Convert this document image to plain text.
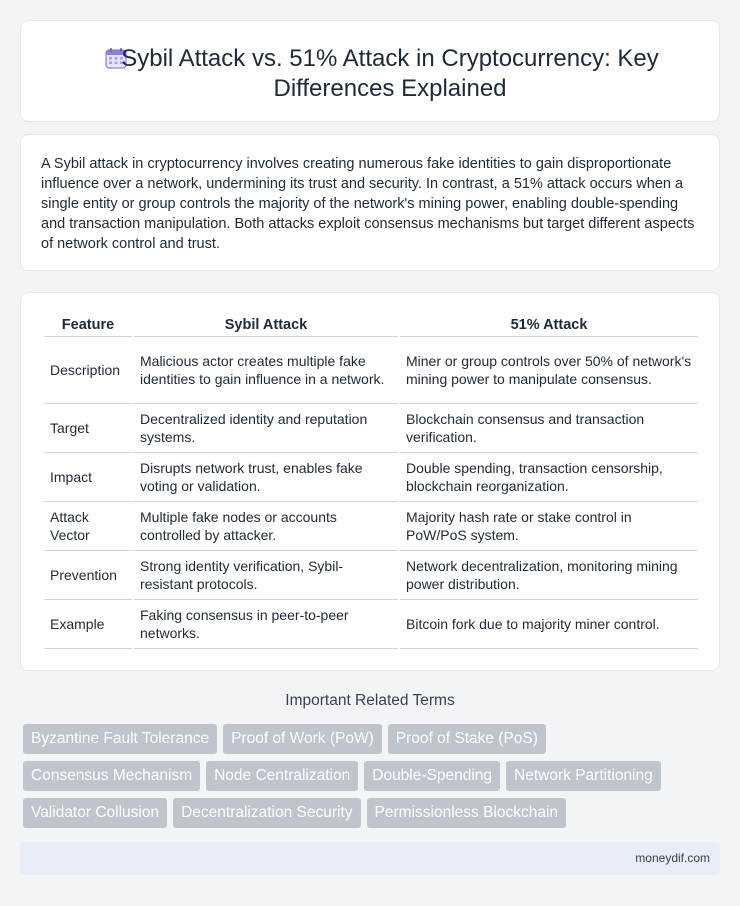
Sybil Attack vs. 51% Attack in Cryptocurrency: Key Differences Explained

A Sybil attack in cryptocurrency involves creating numerous fake identities to gain disproportionate influence over a network, undermining its trust and security. In contrast, a 51% attack occurs when a single entity or group controls the majority of the network's mining power, enabling double-spending and transaction manipulation. Both attacks exploit consensus mechanisms but target different aspects of network control and trust.

Feature	Sybil Attack	51% Attack
Description	Malicious actor creates multiple fake identities to gain influence in a network.	Miner or group controls over 50% of network's mining power to manipulate consensus.
Target	Decentralized identity and reputation systems.	Blockchain consensus and transaction verification.
Impact	Disrupts network trust, enables fake voting or validation.	Double spending, transaction censorship, blockchain reorganization.
Attack Vector	Multiple fake nodes or accounts controlled by attacker.	Majority hash rate or stake control in PoW/PoS system.
Prevention	Strong identity verification, Sybil-resistant protocols.	Network decentralization, monitoring mining power distribution.
Example	Faking consensus in peer-to-peer networks.	Bitcoin fork due to majority miner control.
Important Related Terms
Byzantine Fault Tolerance	Proof of Work (PoW)	Proof of Stake (PoS)
Consensus Mechanism	Node Centralization	Double-Spending	Network Partitioning
Validator Collusion	Decentralization Security	Permissionless Blockchain
moneydif.com
